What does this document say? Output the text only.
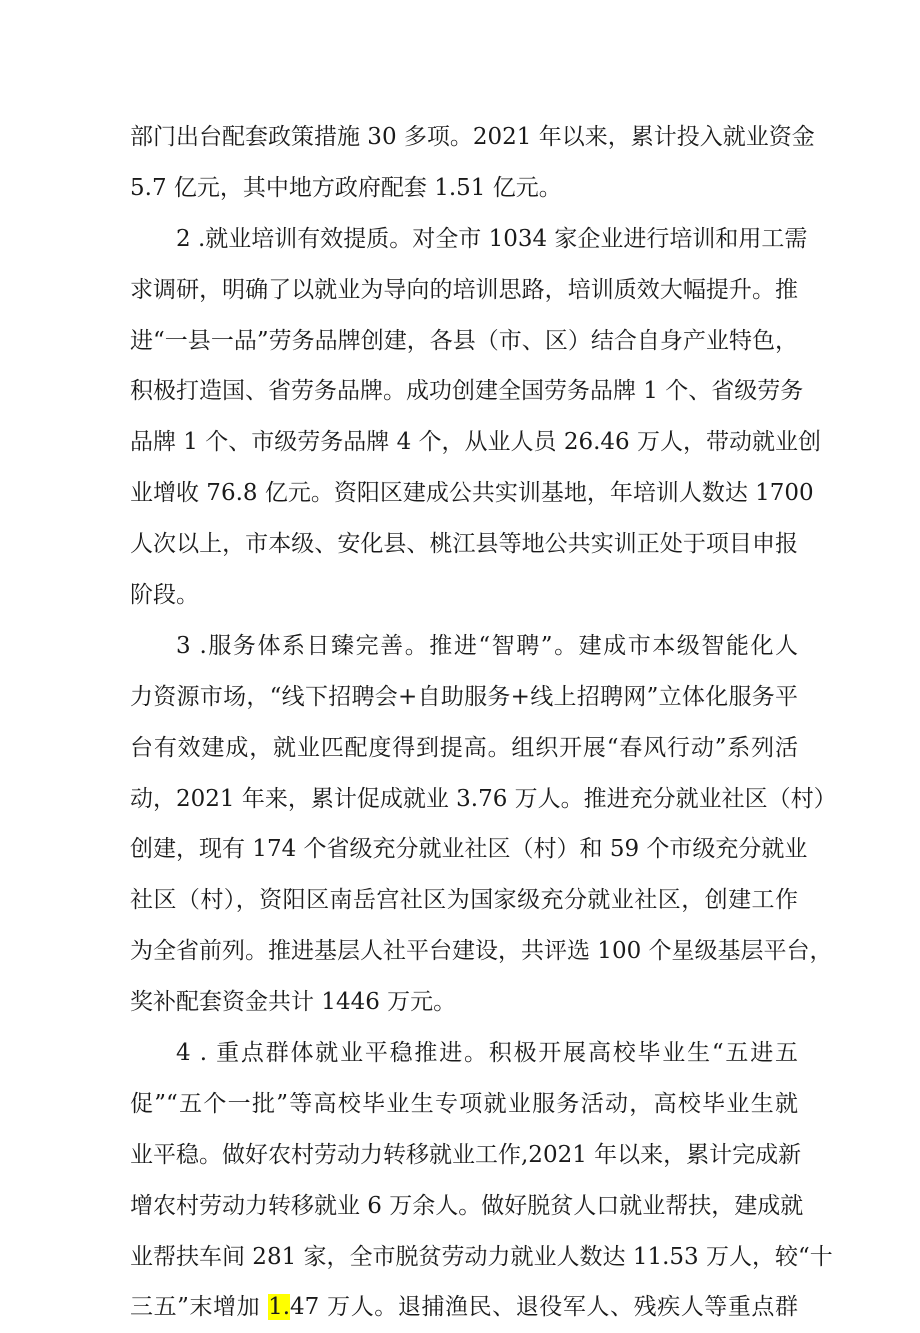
部门出台配套政策措施 30 多项。2021 年以来，累计投入就业资金
5.7 亿元，其中地方政府配套 1.51 亿元。
2 .就业培训有效提质。对全市 1034 家企业进行培训和用工需
求调研，明确了以就业为导向的培训思路，培训质效大幅提升。推
进“一县一品”劳务品牌创建，各县（市、区）结合自身产业特色，
积极打造国、省劳务品牌。成功创建全国劳务品牌 1 个、省级劳务
品牌 1 个、市级劳务品牌 4 个，从业人员 26.46 万人，带动就业创
业增收 76.8 亿元。资阳区建成公共实训基地，年培训人数达 1700
人次以上，市本级、安化县、桃江县等地公共实训正处于项目申报
阶段。
3 .服务体系日臻完善。推进“智聘”。建成市本级智能化人
力资源市场，“线下招聘会+自助服务+线上招聘网”立体化服务平
台有效建成，就业匹配度得到提高。组织开展“春风行动”系列活
动，2021 年来，累计促成就业 3.76 万人。推进充分就业社区（村）
创建，现有 174 个省级充分就业社区（村）和 59 个市级充分就业
社区（村），资阳区南岳宫社区为国家级充分就业社区，创建工作
为全省前列。推进基层人社平台建设，共评选 100 个星级基层平台，
奖补配套资金共计 1446 万元。
4 . 重点群体就业平稳推进。积极开展高校毕业生“五进五
促”“五个一批”等高校毕业生专项就业服务活动，高校毕业生就
业平稳。做好农村劳动力转移就业工作,2021 年以来，累计完成新
增农村劳动力转移就业 6 万余人。做好脱贫人口就业帮扶，建成就
业帮扶车间 281 家，全市脱贫劳动力就业人数达 11.53 万人，较“十
三五”末增加 1.47 万人。退捕渔民、退役军人、残疾人等重点群
